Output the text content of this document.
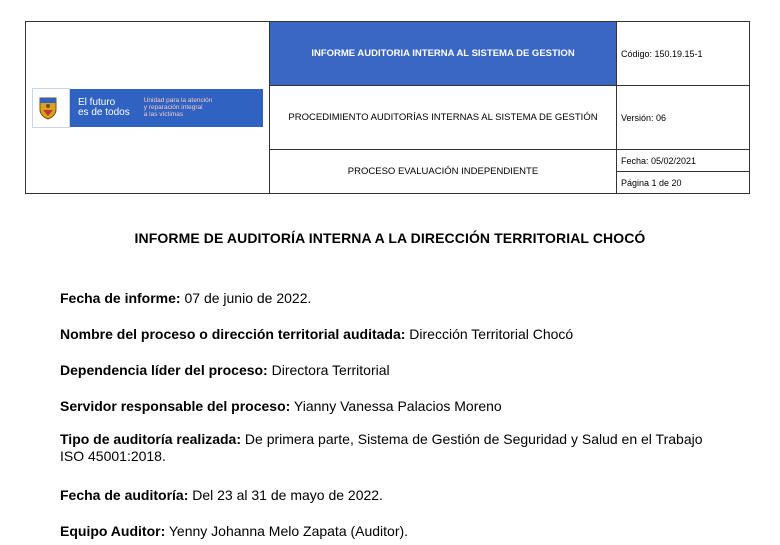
El futuro
es de todos
Unidad para la atención
y reparación integral
a las víctimas	INFORME AUDITORIA INTERNA AL SISTEMA DE GESTION	Código: 150.19.15-1
	PROCEDIMIENTO AUDITORÍAS INTERNAS AL SISTEMA DE GESTIÓN	Versión: 06
	PROCESO EVALUACIÓN INDEPENDIENTE	Fecha: 05/02/2021
Página 1 de 20
INFORME DE AUDITORÍA INTERNA A LA DIRECCIÓN TERRITORIAL CHOCÓ
Fecha de informe: 07 de junio de 2022.
Nombre del proceso o dirección territorial auditada: Dirección Territorial Chocó
Dependencia líder del proceso: Directora Territorial
Servidor responsable del proceso: Yianny Vanessa Palacios Moreno
Tipo de auditoría realizada: De primera parte, Sistema de Gestión de Seguridad y Salud en el Trabajo ISO 45001:2018.
Fecha de auditoría: Del 23 al 31 de mayo de 2022.
Equipo Auditor: Yenny Johanna Melo Zapata (Auditor).
